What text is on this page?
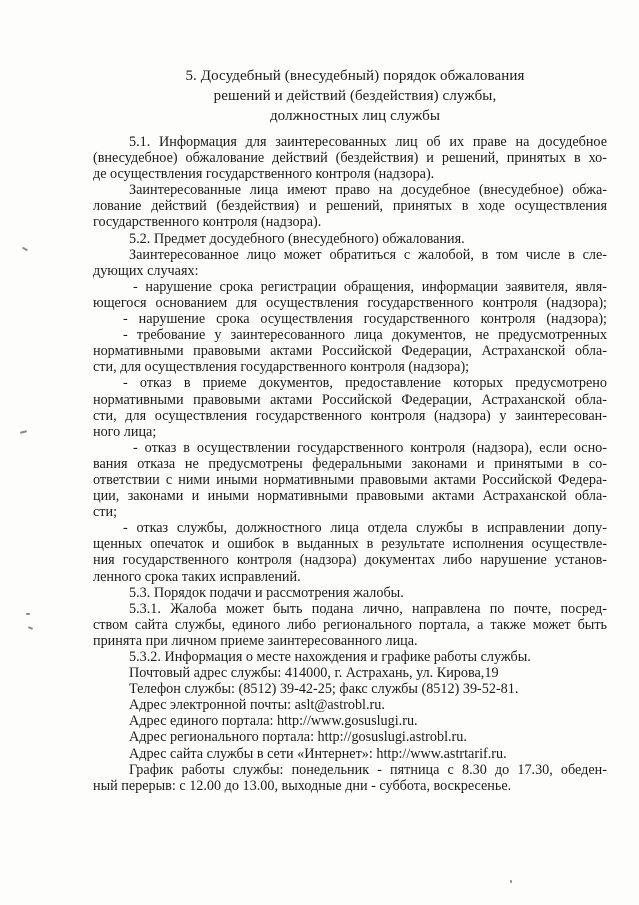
5. Досудебный (внесудебный) порядок обжалования
решений и действий (бездействия) службы,
должностных лиц службы
5.1. Информация для заинтересованных лиц об их праве на досудебное
(внесудебное) обжалование действий (бездействия) и решений, принятых в хо-
де осуществления государственного контроля (надзора).
Заинтересованные лица имеют право на досудебное (внесудебное) обжа-
лование действий (бездействия) и решений, принятых в ходе осуществления
государственного контроля (надзора).
5.2. Предмет досудебного (внесудебного) обжалования.
Заинтересованное лицо может обратиться с жалобой, в том числе в сле-
дующих случаях:
- нарушение срока регистрации обращения, информации заявителя, явля-
ющегося основанием для осуществления государственного контроля (надзора);
- нарушение срока осуществления государственного контроля (надзора);
- требование у заинтересованного лица документов, не предусмотренных
нормативными правовыми актами Российской Федерации, Астраханской обла-
сти, для осуществления государственного контроля (надзора);
- отказ в приеме документов, предоставление которых предусмотрено
нормативными правовыми актами Российской Федерации, Астраханской обла-
сти, для осуществления государственного контроля (надзора) у заинтересован-
ного лица;
- отказ в осуществлении государственного контроля (надзора), если осно-
вания отказа не предусмотрены федеральными законами и принятыми в со-
ответствии с ними иными нормативными правовыми актами Российской Федера-
ции, законами и иными нормативными правовыми актами Астраханской обла-
сти;
- отказ службы, должностного лица отдела службы в исправлении допу-
щенных опечаток и ошибок в выданных в результате исполнения осуществле-
ния государственного контроля (надзора) документах либо нарушение установ-
ленного срока таких исправлений.
5.3. Порядок подачи и рассмотрения жалобы.
5.3.1. Жалоба может быть подана лично, направлена по почте, посред-
ством сайта службы, единого либо регионального портала, а также может быть
принята при личном приеме заинтересованного лица.
5.3.2. Информация о месте нахождения и графике работы службы.
Почтовый адрес службы: 414000, г. Астрахань, ул. Кирова,19
Телефон службы: (8512) 39-42-25; факс службы (8512) 39-52-81.
Адрес электронной почты: aslt@astrobl.ru.
Адрес единого портала: http://www.gosuslugi.ru.
Адрес регионального портала: http://gosuslugi.astrobl.ru.
Адрес сайта службы в сети «Интернет»: http://www.astrtarif.ru.
График работы службы: понедельник - пятница с 8.30 до 17.30, обеден-
ный перерыв: с 12.00 до 13.00, выходные дни - суббота, воскресенье.
